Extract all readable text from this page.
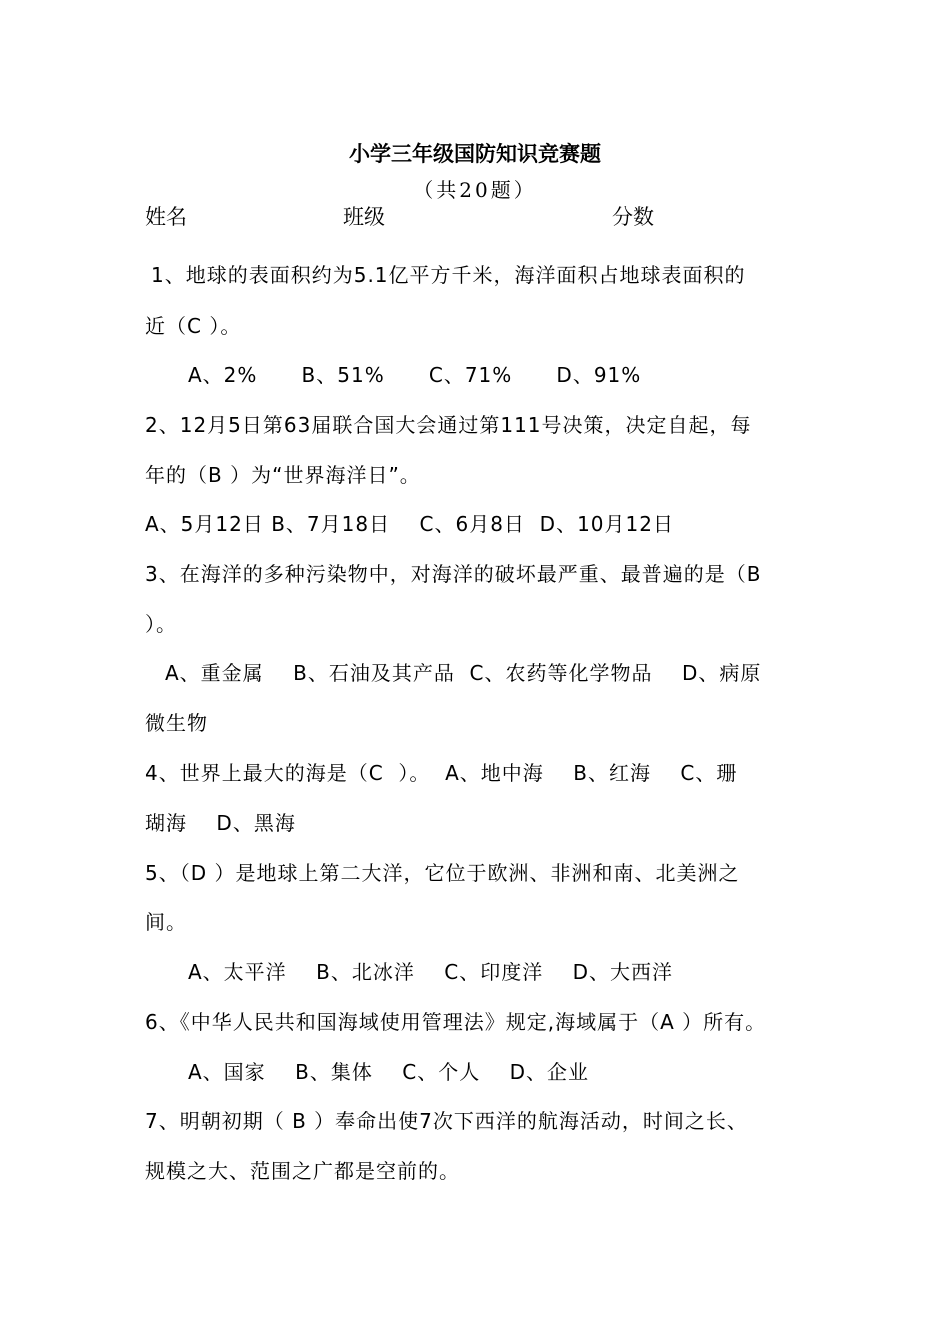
小学三年级国防知识竞赛题
（共20题）
姓名	班级	分数
1、地球的表面积约为5.1亿平方千米，海洋面积占地球表面积的
近（C ）。
A、2%      B、51%      C、71%      D、91%
2、12月5日第63届联合国大会通过第111号决策，决定自起，每
年的（B ）为“世界海洋日”。
A、5月12日 B、7月18日    C、6月8日  D、10月12日
3、在海洋的多种污染物中，对海洋的破坏最严重、最普遍的是（B
）。
A、重金属    B、石油及其产品  C、农药等化学物品    D、病原
微生物
4、世界上最大的海是（C  ）。  A、地中海    B、红海    C、珊
瑚海    D、黑海
5、（D ）是地球上第二大洋，它位于欧洲、非洲和南、北美洲之
间。
A、太平洋    B、北冰洋    C、印度洋    D、大西洋
6、《中华人民共和国海域使用管理法》规定,海域属于（A ）所有。
A、国家    B、集体    C、个人    D、企业
7、明朝初期（ B ）奉命出使7次下西洋的航海活动，时间之长、
规模之大、范围之广都是空前的。
